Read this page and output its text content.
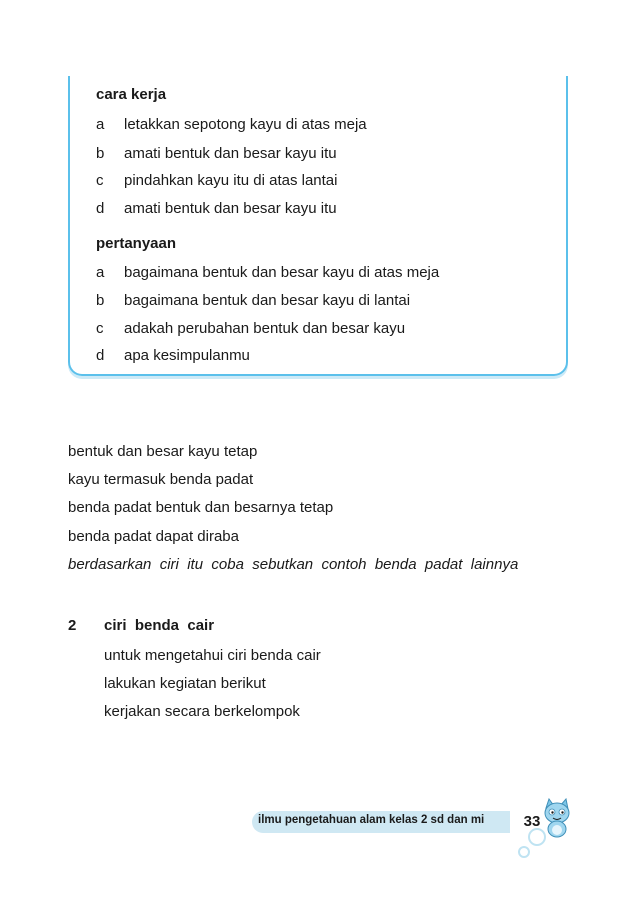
cara kerja
a	letakkan sepotong kayu di atas meja
b	amati bentuk dan besar kayu itu
c	pindahkan kayu itu di atas lantai
d	amati bentuk dan besar kayu itu
pertanyaan
a	bagaimana bentuk dan besar kayu di atas meja
b	bagaimana bentuk dan besar kayu di lantai
c	adakah perubahan bentuk dan besar kayu
d	apa kesimpulanmu
bentuk dan besar kayu tetap
kayu termasuk benda padat
benda padat bentuk dan besarnya tetap
benda padat dapat diraba
berdasarkan  ciri  itu  coba  sebutkan  contoh  benda  padat  lainnya
2 ciri  benda  cair
untuk mengetahui ciri benda cair
lakukan kegiatan berikut
kerjakan secara berkelompok
ilmu pengetahuan alam kelas 2 sd dan mi	33
